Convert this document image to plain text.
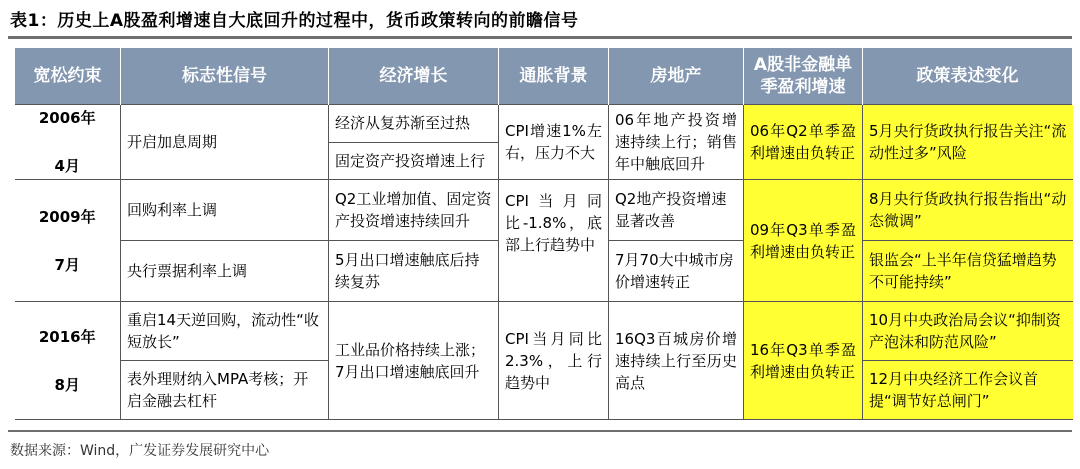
表1：历史上A股盈利增速自大底回升的过程中，货币政策转向的前瞻信号
宽松约束	标志性信号	经济增长	通胀背景	房地产	A股非金融单季盈利增速	政策表述变化

2006年
4月	开启加息周期	经济从复苏渐至过热	CPI增速1%左右，压力不大	06年地产投资增速持续上行；销售年中触底回升	06年Q2单季盈利增速由负转正	5月央行货政执行报告关注“流动性过多”风险
		固定资产投资增速上行				

2009年
7月	回购利率上调	Q2工业增加值、固定资产投资增速持续回升	CPI当月同比-1.8%，底部上行趋势中	Q2地产投资增速显著改善	09年Q3单季盈利增速由负转正	8月央行货政执行报告指出“动态微调”
	央行票据利率上调	5月出口增速触底后持续复苏		7月70大中城市房价增速转正		银监会“上半年信贷猛增趋势不可能持续”

2016年
8月	重启14天逆回购，流动性“收短放长”	工业品价格持续上涨；7月出口增速触底回升	CPI当月同比2.3%，上行趋势中	16Q3百城房价增速持续上行至历史高点	16年Q3单季盈利增速由负转正	10月中央政治局会议“抑制资产泡沫和防范风险”
	表外理财纳入MPA考核；开启金融去杠杆					12月中央经济工作会议首提“调节好总闸门”
数据来源：Wind，广发证券发展研究中心
